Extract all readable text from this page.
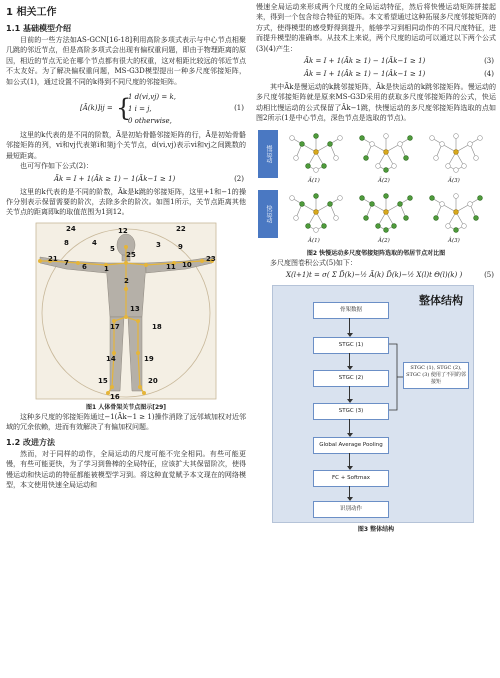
1 相关工作
1.1 基础模型介绍

目前的一些方法如AS-GCN[16-18]利用高阶多项式表示与中心节点相聚几跳的邻近节点，但是高阶多项式会出现有偏权重问题，即由于物理距离的原因，相近的节点无论在哪个节点都有很大的权重，这对相距比较远的邻近节点不太友好。为了解决偏权重问题，MS-G3D模型提出一种多尺度邻接矩阵，如公式(1)，通过设置不同的k得到不同尺度的邻接矩阵。

[Ã(k)]ij = {
1 d(vi,vj) = k,
1 i = j,
0 otherwise,
(1)

这里的k代表的是不同的阶数，Ã是初始骨骼邻接矩阵的行，Ã是初始骨骼邻接矩阵的列，vi和vj代表第i和第j个关节点，d(vi,vj)表示vi和vj之间跳数的最短距离。

也可写作如下公式(2)：

Ãk = I + 1(Ãk ≥ 1) − 1(Ãk−1 ≥ 1)	(2)

这里的k代表的是不同的阶数，Ãk是k跳的邻接矩阵，这里+1和−1的操作分别表示保留需要的阶次，去除多余的阶次。如图1所示，关节点距离其他关节点的距离即k的取值范围为1到12。

24	12	22
8	4
5
21
3 9
25	23
7 6 1	11 10
2
17
13
18
14	19
15	20
16
图1 人体骨架关节点图示[29]

这种多尺度的邻接矩阵通过−1(Ãk−1 ≥ 1)操作消除了远邻域加权对近邻域的冗余依赖，进而有效解决了有偏加权问题。

1.2 改进方法

然而，对于同样的动作，全局运动的尺度可能不完全相同。有些可能更慢，有些可能更快，为了学习到鲁棒的全局特征，应该扩大其保留阶次，使得慢运动和快运动的特征都能被模型学习到。将这种直觉赋予本文现在的网络模型，本文使用快速全局运动和

慢速全局运动来形成两个尺度的全局运动特征，然后将快慢运动矩阵拼接起来，得到一个包含综合特征的矩阵。本文希望通过这种拓展多尺度邻接矩阵的方式，使得模型的感受野得到提升，能够学习到相同动作的不同尺度特征，进而提升模型的准确率。从技术上来说，两个尺度的运动可以通过以下两个公式(3)(4)产生：

Ãk = I + 1(Ãk ≥ 1) − 1(Ãk−1 ≥ 1)	(3)
Âk = I + 1(Âk ≥ 1) − 1(Âk−1 ≥ 1)	(4)

其中Ãk是慢运动的k跳邻接矩阵，Âk是快运动的k跳邻接矩阵。慢运动的多尺度邻接矩阵就是原来MS-G3D采用的获取多尺度邻接矩阵的公式，快运动相比慢运动的公式保留了Âk−1跳，快慢运动的多尺度邻接矩阵选取的点如图2所示(1是中心节点，深色节点是选取的节点)。

慢运动
快运动
Ã(1)	Ã(2)	Ã(3)
Â(1)	Â(2)	Â(3)
图2 快慢运动多尺度邻接矩阵选取的邻居节点对比图

多尺度图卷积公式(5)如下：

X(l+1)t = σ( Σ D̃(k)−½ Ã(k) D̃(k)−½ X(l)t Θ(l)(k) )	(5)
整体结构
骨架数据
STGC (1)
STGC (2)
STGC (3)
Global Average Pooling
FC + Softmax
识别动作
STGC (1), STGC (2), STGC (3) 使用了不同的邻接矩
图3 整体结构
